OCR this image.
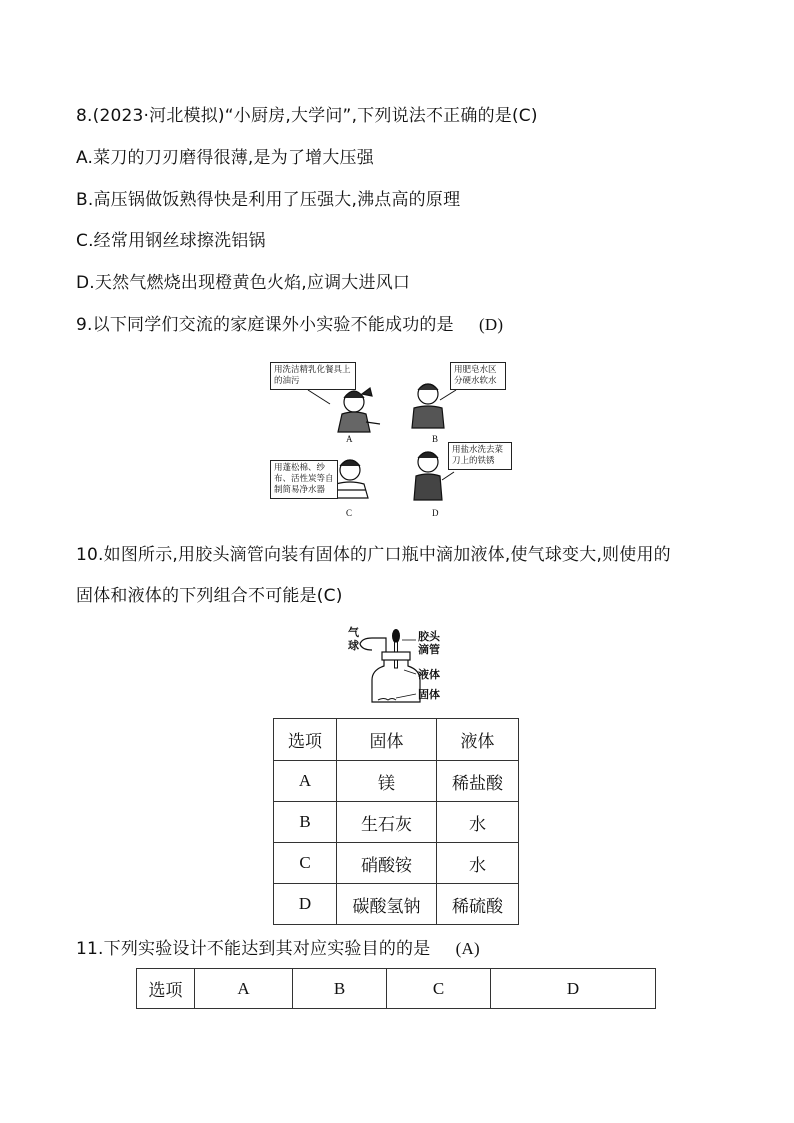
8.(2023·河北模拟)“小厨房,大学问”,下列说法不正确的是(C)
A.菜刀的刀刃磨得很薄,是为了增大压强
B.高压锅做饭熟得快是利用了压强大,沸点高的原理
C.经常用钢丝球擦洗铝锅
D.天然气燃烧出现橙黄色火焰,应调大进风口
9.以下同学们交流的家庭课外小实验不能成功的是 (D)
用洗洁精乳化餐具上的油污
用肥皂水区分硬水软水
用蓬松棉、纱布、活性炭等自制简易净水器
用盐水洗去菜刀上的铁锈
A	B
C	D
10.如图所示,用胶头滴管向装有固体的广口瓶中滴加液体,使气球变大,则使用的
固体和液体的下列组合不可能是(C)
气球
胶头滴管
液体
固体
选项	固体	液体
A	镁	稀盐酸
B	生石灰	水
C	硝酸铵	水
D	碳酸氢钠	稀硫酸
11.下列实验设计不能达到其对应实验目的的是 (A)
选项	A	B	C	D
